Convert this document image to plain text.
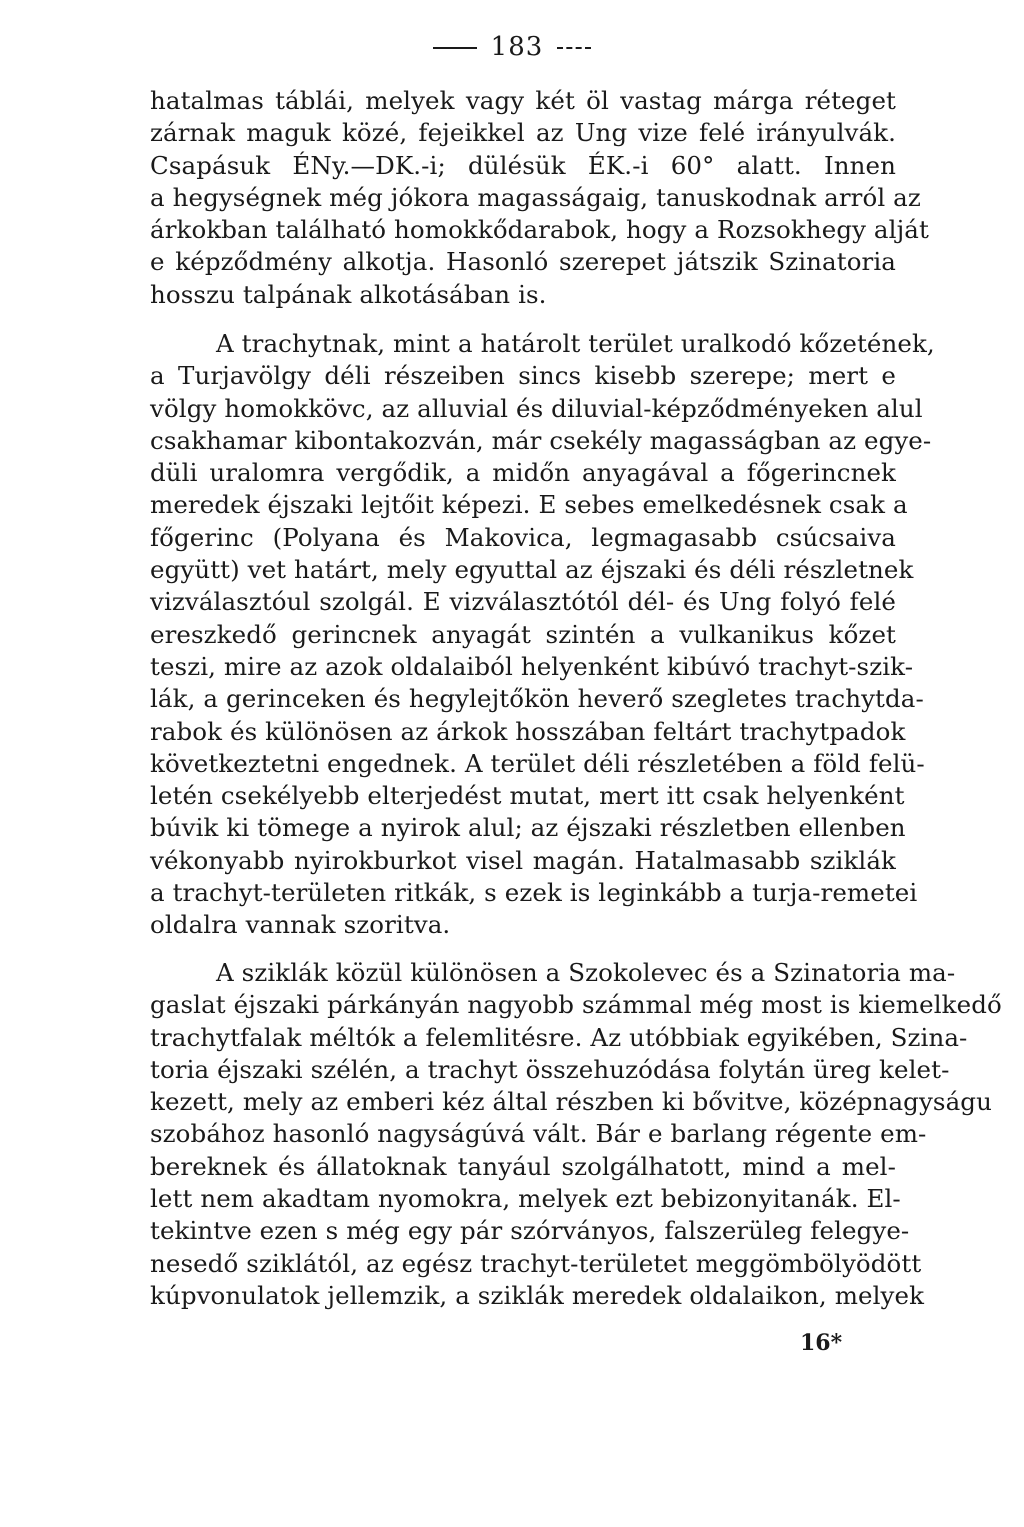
183
hatalmas táblái, melyek vagy két öl vastag márga réteget
zárnak maguk közé, fejeikkel az Ung vize felé irányulvák.
Csapásuk ÉNy.—DK.-i; dülésük ÉK.-i 60° alatt. Innen
a hegységnek még jókora magasságaig, tanuskodnak arról az
árkokban található homokkődarabok, hogy a Rozsokhegy alját
e képződmény alkotja. Hasonló szerepet játszik Szinatoria
hosszu talpának alkotásában is.
A trachytnak, mint a határolt terület uralkodó kőzetének,
a Turjavölgy déli részeiben sincs kisebb szerepe; mert e
völgy homokkövc, az alluvial és diluvial-képződményeken alul
csakhamar kibontakozván, már csekély magasságban az egye-
düli uralomra vergődik, a midőn anyagával a főgerincnek
meredek éjszaki lejtőit képezi. E sebes emelkedésnek csak a
főgerinc (Polyana és Makovica, legmagasabb csúcsaiva
együtt) vet határt, mely egyuttal az éjszaki és déli részletnek
vizválasztóul szolgál. E vizválasztótól dél- és Ung folyó felé
ereszkedő gerincnek anyagát szintén a vulkanikus kőzet
teszi, mire az azok oldalaiból helyenként kibúvó trachyt-szik-
lák, a gerinceken és hegylejtőkön heverő szegletes trachytda-
rabok és különösen az árkok hosszában feltárt trachytpadok
következtetni engednek. A terület déli részletében a föld felü-
letén csekélyebb elterjedést mutat, mert itt csak helyenként
búvik ki tömege a nyirok alul; az éjszaki részletben ellenben
vékonyabb nyirokburkot visel magán. Hatalmasabb sziklák
a trachyt-területen ritkák, s ezek is leginkább a turja-remetei
oldalra vannak szoritva.
A sziklák közül különösen a Szokolevec és a Szinatoria ma-
gaslat éjszaki párkányán nagyobb számmal még most is kiemelkedő
trachytfalak méltók a felemlitésre. Az utóbbiak egyikében, Szina-
toria éjszaki szélén, a trachyt összehuzódása folytán üreg kelet-
kezett, mely az emberi kéz által részben ki bővitve, középnagyságu
szobához hasonló nagyságúvá vált. Bár e barlang régente em-
bereknek és állatoknak tanyául szolgálhatott, mind a mel-
lett nem akadtam nyomokra, melyek ezt bebizonyitanák. El-
tekintve ezen s még egy pár szórványos, falszerüleg felegye-
nesedő sziklától, az egész trachyt-területet meggömbölyödött
kúpvonulatok jellemzik, a sziklák meredek oldalaikon, melyek
16*
